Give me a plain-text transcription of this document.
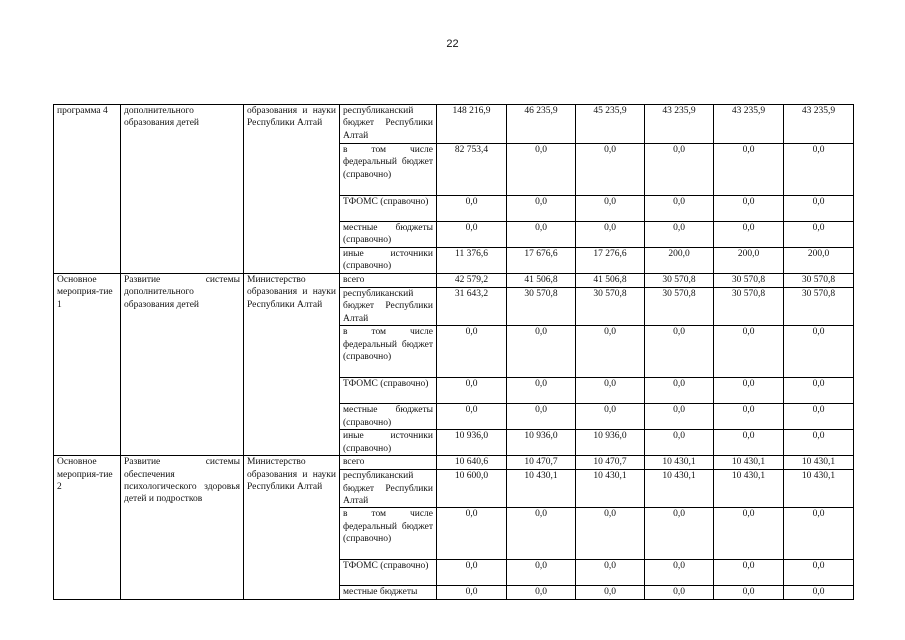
22
программа 4	дополнительного образования детей	образования и науки Республики Алтай	республиканский бюджет Республики Алтай	148 216,9	46 235,9	45 235,9	43 235,9	43 235,9	43 235,9
			в том числе федеральный бюджет (справочно)	82 753,4	0,0	0,0	0,0	0,0	0,0
			ТФОМС (справочно)	0,0	0,0	0,0	0,0	0,0	0,0
			местные бюджеты (справочно)	0,0	0,0	0,0	0,0	0,0	0,0
			иные источники (справочно)	11 376,6	17 676,6	17 276,6	200,0	200,0	200,0
Основное мероприя-тие 1	Развитие системы дополнительного образования детей	Министерство образования и науки Республики Алтай	всего	42 579,2	41 506,8	41 506,8	30 570,8	30 570,8	30 570,8
			республиканский бюджет Республики Алтай	31 643,2	30 570,8	30 570,8	30 570,8	30 570,8	30 570,8
			в том числе федеральный бюджет (справочно)	0,0	0,0	0,0	0,0	0,0	0,0
			ТФОМС (справочно)	0,0	0,0	0,0	0,0	0,0	0,0
			местные бюджеты (справочно)	0,0	0,0	0,0	0,0	0,0	0,0
			иные источники (справочно)	10 936,0	10 936,0	10 936,0	0,0	0,0	0,0
Основное мероприя-тие 2	Развитие системы обеспечения психологического здоровья детей и подростков	Министерство образования и науки Республики Алтай	всего	10 640,6	10 470,7	10 470,7	10 430,1	10 430,1	10 430,1
			республиканский бюджет Республики Алтай	10 600,0	10 430,1	10 430,1	10 430,1	10 430,1	10 430,1
			в том числе федеральный бюджет (справочно)	0,0	0,0	0,0	0,0	0,0	0,0
			ТФОМС (справочно)	0,0	0,0	0,0	0,0	0,0	0,0
			местные бюджеты	0,0	0,0	0,0	0,0	0,0	0,0
